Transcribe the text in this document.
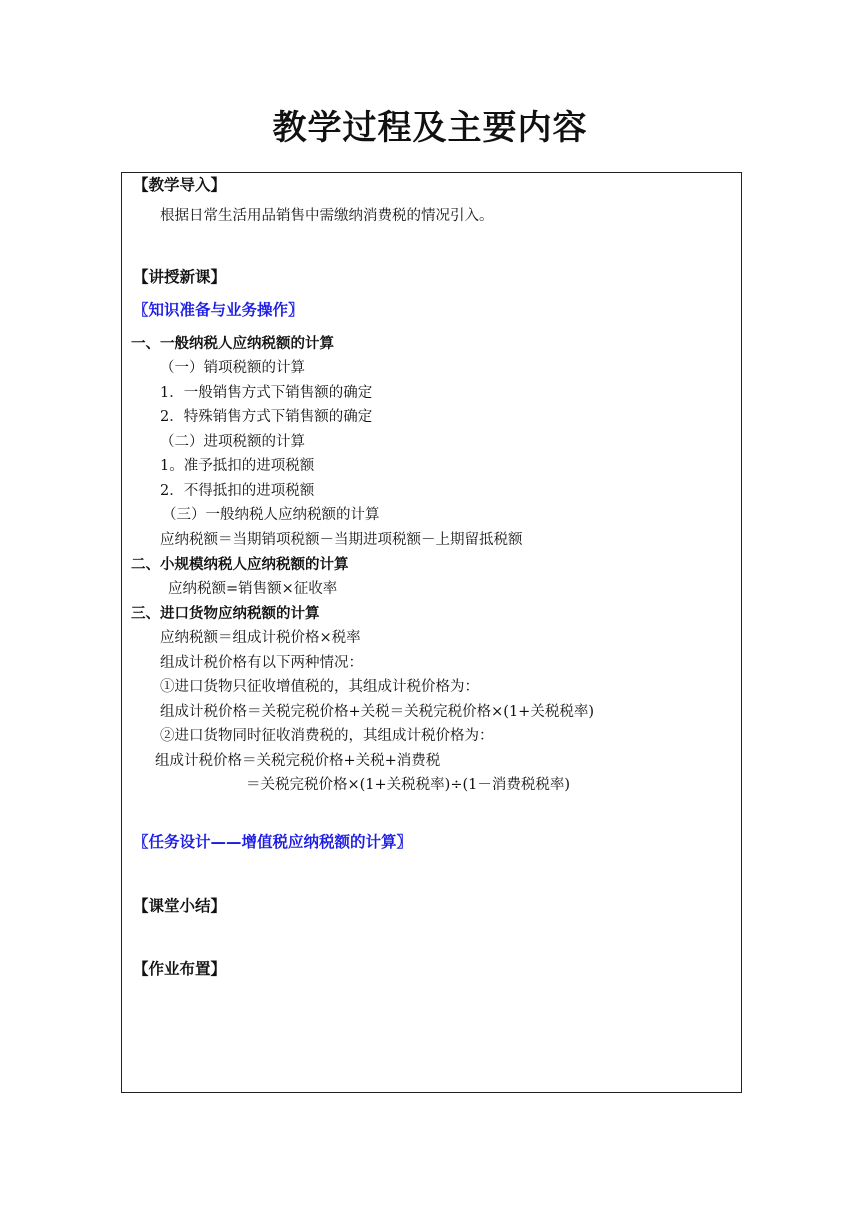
教学过程及主要内容
【教学导入】
根据日常生活用品销售中需缴纳消费税的情况引入。
【讲授新课】
〖知识准备与业务操作〗
一、一般纳税人应纳税额的计算
（一）销项税额的计算
1．一般销售方式下销售额的确定
2．特殊销售方式下销售额的确定
（二）进项税额的计算
1。准予抵扣的进项税额
2．不得抵扣的进项税额
（三）一般纳税人应纳税额的计算
应纳税额＝当期销项税额－当期进项税额－上期留抵税额
二、小规模纳税人应纳税额的计算
应纳税额=销售额×征收率
三、进口货物应纳税额的计算
应纳税额＝组成计税价格×税率
组成计税价格有以下两种情况：
①进口货物只征收增值税的，其组成计税价格为：
组成计税价格＝关税完税价格+关税＝关税完税价格×(1+关税税率)
②进口货物同时征收消费税的，其组成计税价格为：
组成计税价格＝关税完税价格+关税+消费税
＝关税完税价格×(1+关税税率)÷(1－消费税税率)
〖任务设计——增值税应纳税额的计算〗
【课堂小结】
【作业布置】
